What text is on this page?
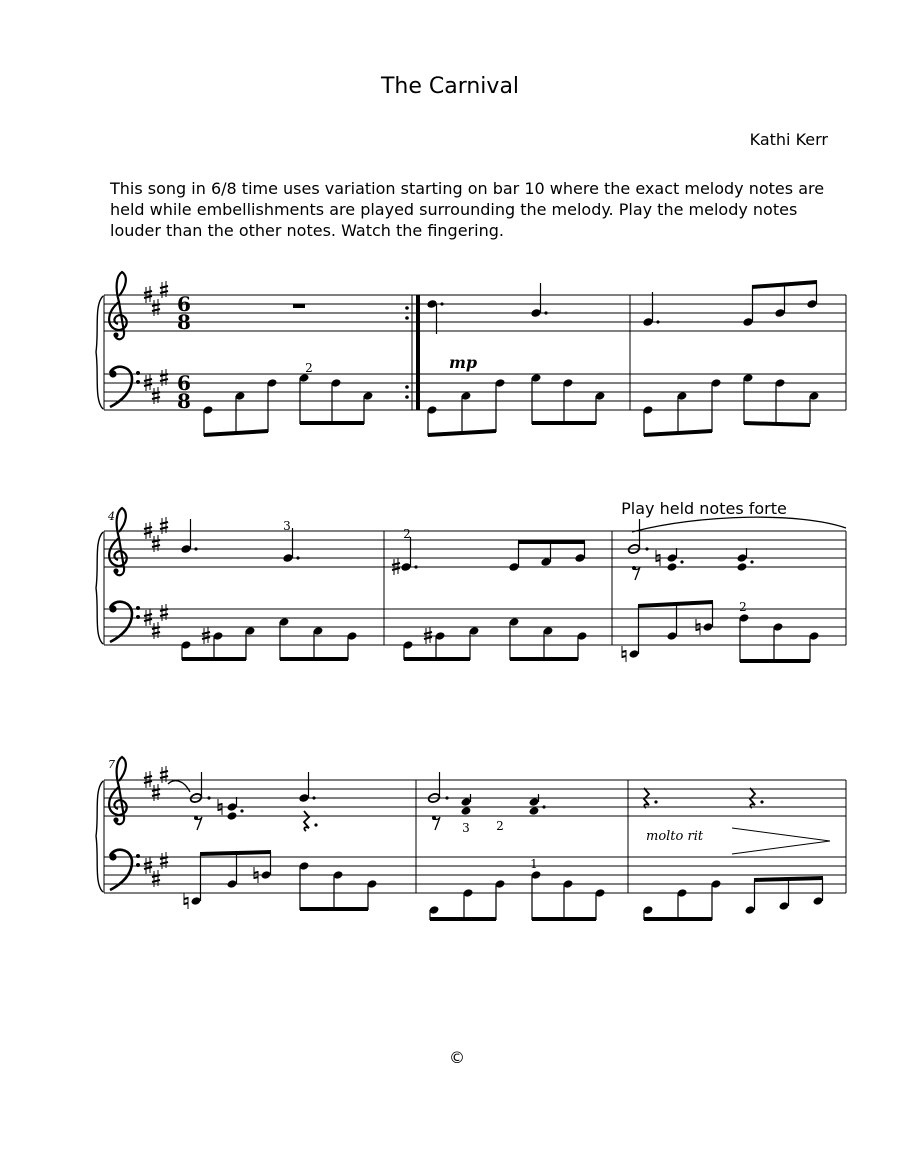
The Carnival
Kathi Kerr
This song in 6/8 time uses variation starting on bar 10 where the exact melody notes are held while embellishments are played surrounding the melody. Play the melody notes louder than the other notes. Watch the fingering.
6
8
6
8
2	mp
4
3
2
Play held notes forte
2
7
molto rit
3 2
1
©
